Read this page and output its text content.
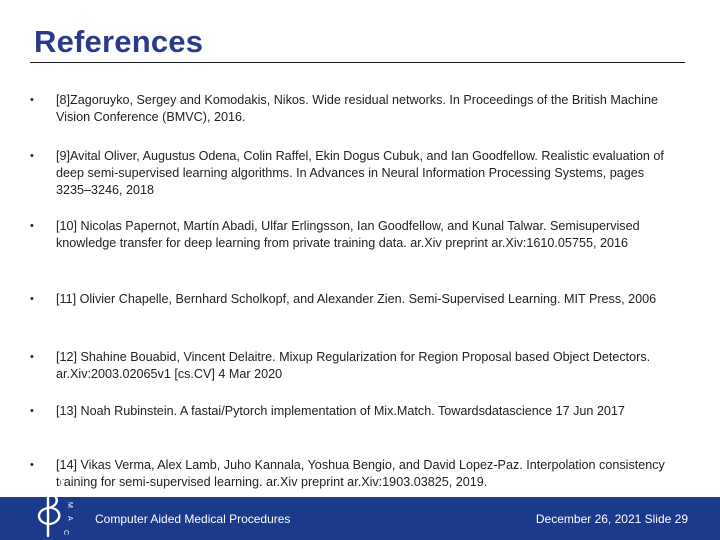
References
•	[8]Zagoruyko, Sergey and Komodakis, Nikos. Wide residual networks. In Proceedings of the British Machine Vision Conference (BMVC), 2016.
•	[9]Avital Oliver, Augustus Odena, Colin Raffel, Ekin Dogus Cubuk, and Ian Goodfellow. Realistic evaluation of deep semi-supervised learning algorithms. In Advances in Neural Information Processing Systems, pages 3235–3246, 2018
•	[10] Nicolas Papernot, Martín Abadi, Ulfar Erlingsson, Ian Goodfellow, and Kunal Talwar. Semisupervised knowledge transfer for deep learning from private training data. ar.Xiv preprint ar.Xiv:1610.05755, 2016
•	[11] Olivier Chapelle, Bernhard Scholkopf, and Alexander Zien. Semi-Supervised Learning. MIT Press, 2006
•	[12] Shahine Bouabid, Vincent Delaitre. Mixup Regularization for Region Proposal based Object Detectors. ar.Xiv:2003.02065v1 [cs.CV] 4 Mar 2020
•	[13] Noah Rubinstein. A fastai/Pytorch implementation of Mix.Match. Towardsdatascience 17 Jun 2017
•	[14] Vikas Verma, Alex Lamb, Juho Kannala, Yoshua Bengio, and David Lopez-Paz. Interpolation consistency training for semi-supervised learning. ar.Xiv preprint ar.Xiv:1903.03825, 2019.
M
P
A
C
Computer Aided Medical Procedures	December 26, 2021 Slide 29
